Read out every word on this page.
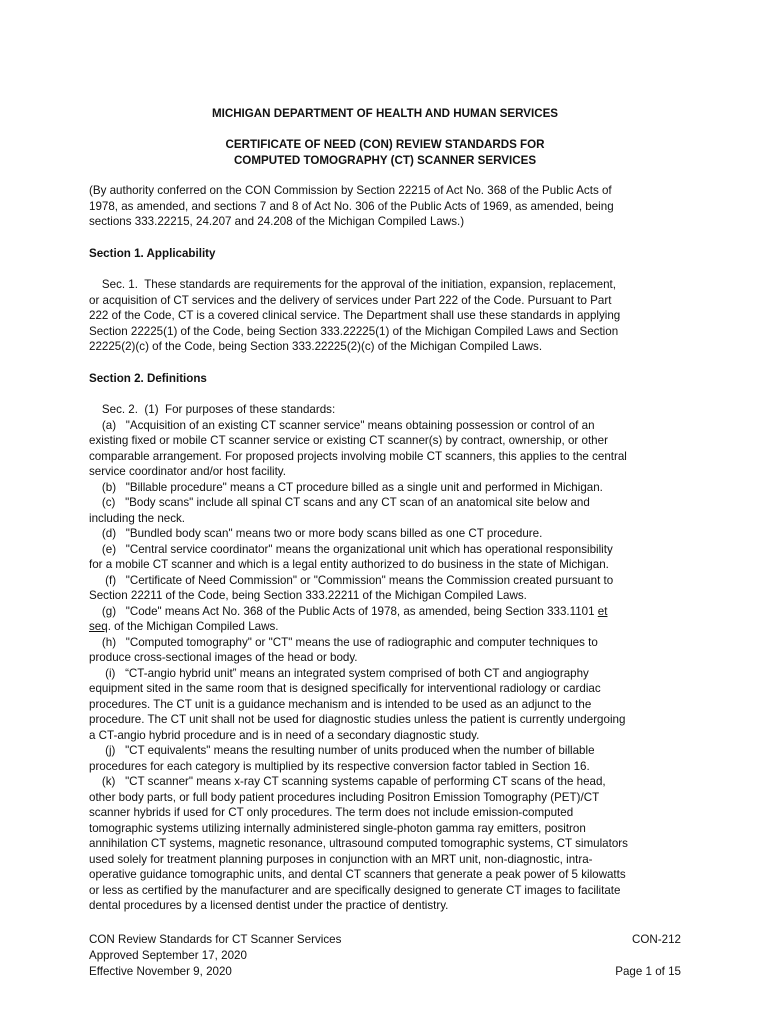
MICHIGAN DEPARTMENT OF HEALTH AND HUMAN SERVICES
CERTIFICATE OF NEED (CON) REVIEW STANDARDS FOR
COMPUTED TOMOGRAPHY (CT) SCANNER SERVICES
(By authority conferred on the CON Commission by Section 22215 of Act No. 368 of the Public Acts of
1978, as amended, and sections 7 and 8 of Act No. 306 of the Public Acts of 1969, as amended, being
sections 333.22215, 24.207 and 24.208 of the Michigan Compiled Laws.)
Section 1. Applicability
Sec. 1.  These standards are requirements for the approval of the initiation, expansion, replacement,
or acquisition of CT services and the delivery of services under Part 222 of the Code. Pursuant to Part
222 of the Code, CT is a covered clinical service. The Department shall use these standards in applying
Section 22225(1) of the Code, being Section 333.22225(1) of the Michigan Compiled Laws and Section
22225(2)(c) of the Code, being Section 333.22225(2)(c) of the Michigan Compiled Laws.
Section 2. Definitions
Sec. 2.  (1)  For purposes of these standards:
(a)   "Acquisition of an existing CT scanner service" means obtaining possession or control of an
existing fixed or mobile CT scanner service or existing CT scanner(s) by contract, ownership, or other
comparable arrangement. For proposed projects involving mobile CT scanners, this applies to the central
service coordinator and/or host facility.
(b)   "Billable procedure" means a CT procedure billed as a single unit and performed in Michigan.
(c)   "Body scans" include all spinal CT scans and any CT scan of an anatomical site below and
including the neck.
(d)   "Bundled body scan" means two or more body scans billed as one CT procedure.
(e)   "Central service coordinator" means the organizational unit which has operational responsibility
for a mobile CT scanner and which is a legal entity authorized to do business in the state of Michigan.
(f)   "Certificate of Need Commission" or "Commission" means the Commission created pursuant to
Section 22211 of the Code, being Section 333.22211 of the Michigan Compiled Laws.
(g)   "Code" means Act No. 368 of the Public Acts of 1978, as amended, being Section 333.1101 et
seq. of the Michigan Compiled Laws.
(h)   "Computed tomography" or "CT" means the use of radiographic and computer techniques to
produce cross-sectional images of the head or body.
(i)   “CT-angio hybrid unit” means an integrated system comprised of both CT and angiography
equipment sited in the same room that is designed specifically for interventional radiology or cardiac
procedures. The CT unit is a guidance mechanism and is intended to be used as an adjunct to the
procedure. The CT unit shall not be used for diagnostic studies unless the patient is currently undergoing
a CT-angio hybrid procedure and is in need of a secondary diagnostic study.
(j)   "CT equivalents" means the resulting number of units produced when the number of billable
procedures for each category is multiplied by its respective conversion factor tabled in Section 16.
(k)   "CT scanner" means x-ray CT scanning systems capable of performing CT scans of the head,
other body parts, or full body patient procedures including Positron Emission Tomography (PET)/CT
scanner hybrids if used for CT only procedures. The term does not include emission-computed
tomographic systems utilizing internally administered single-photon gamma ray emitters, positron
annihilation CT systems, magnetic resonance, ultrasound computed tomographic systems, CT simulators
used solely for treatment planning purposes in conjunction with an MRT unit, non-diagnostic, intra-
operative guidance tomographic units, and dental CT scanners that generate a peak power of 5 kilowatts
or less as certified by the manufacturer and are specifically designed to generate CT images to facilitate
dental procedures by a licensed dentist under the practice of dentistry.
CON Review Standards for CT Scanner Services	CON-212
Approved September 17, 2020
Effective November 9, 2020	Page 1 of 15
